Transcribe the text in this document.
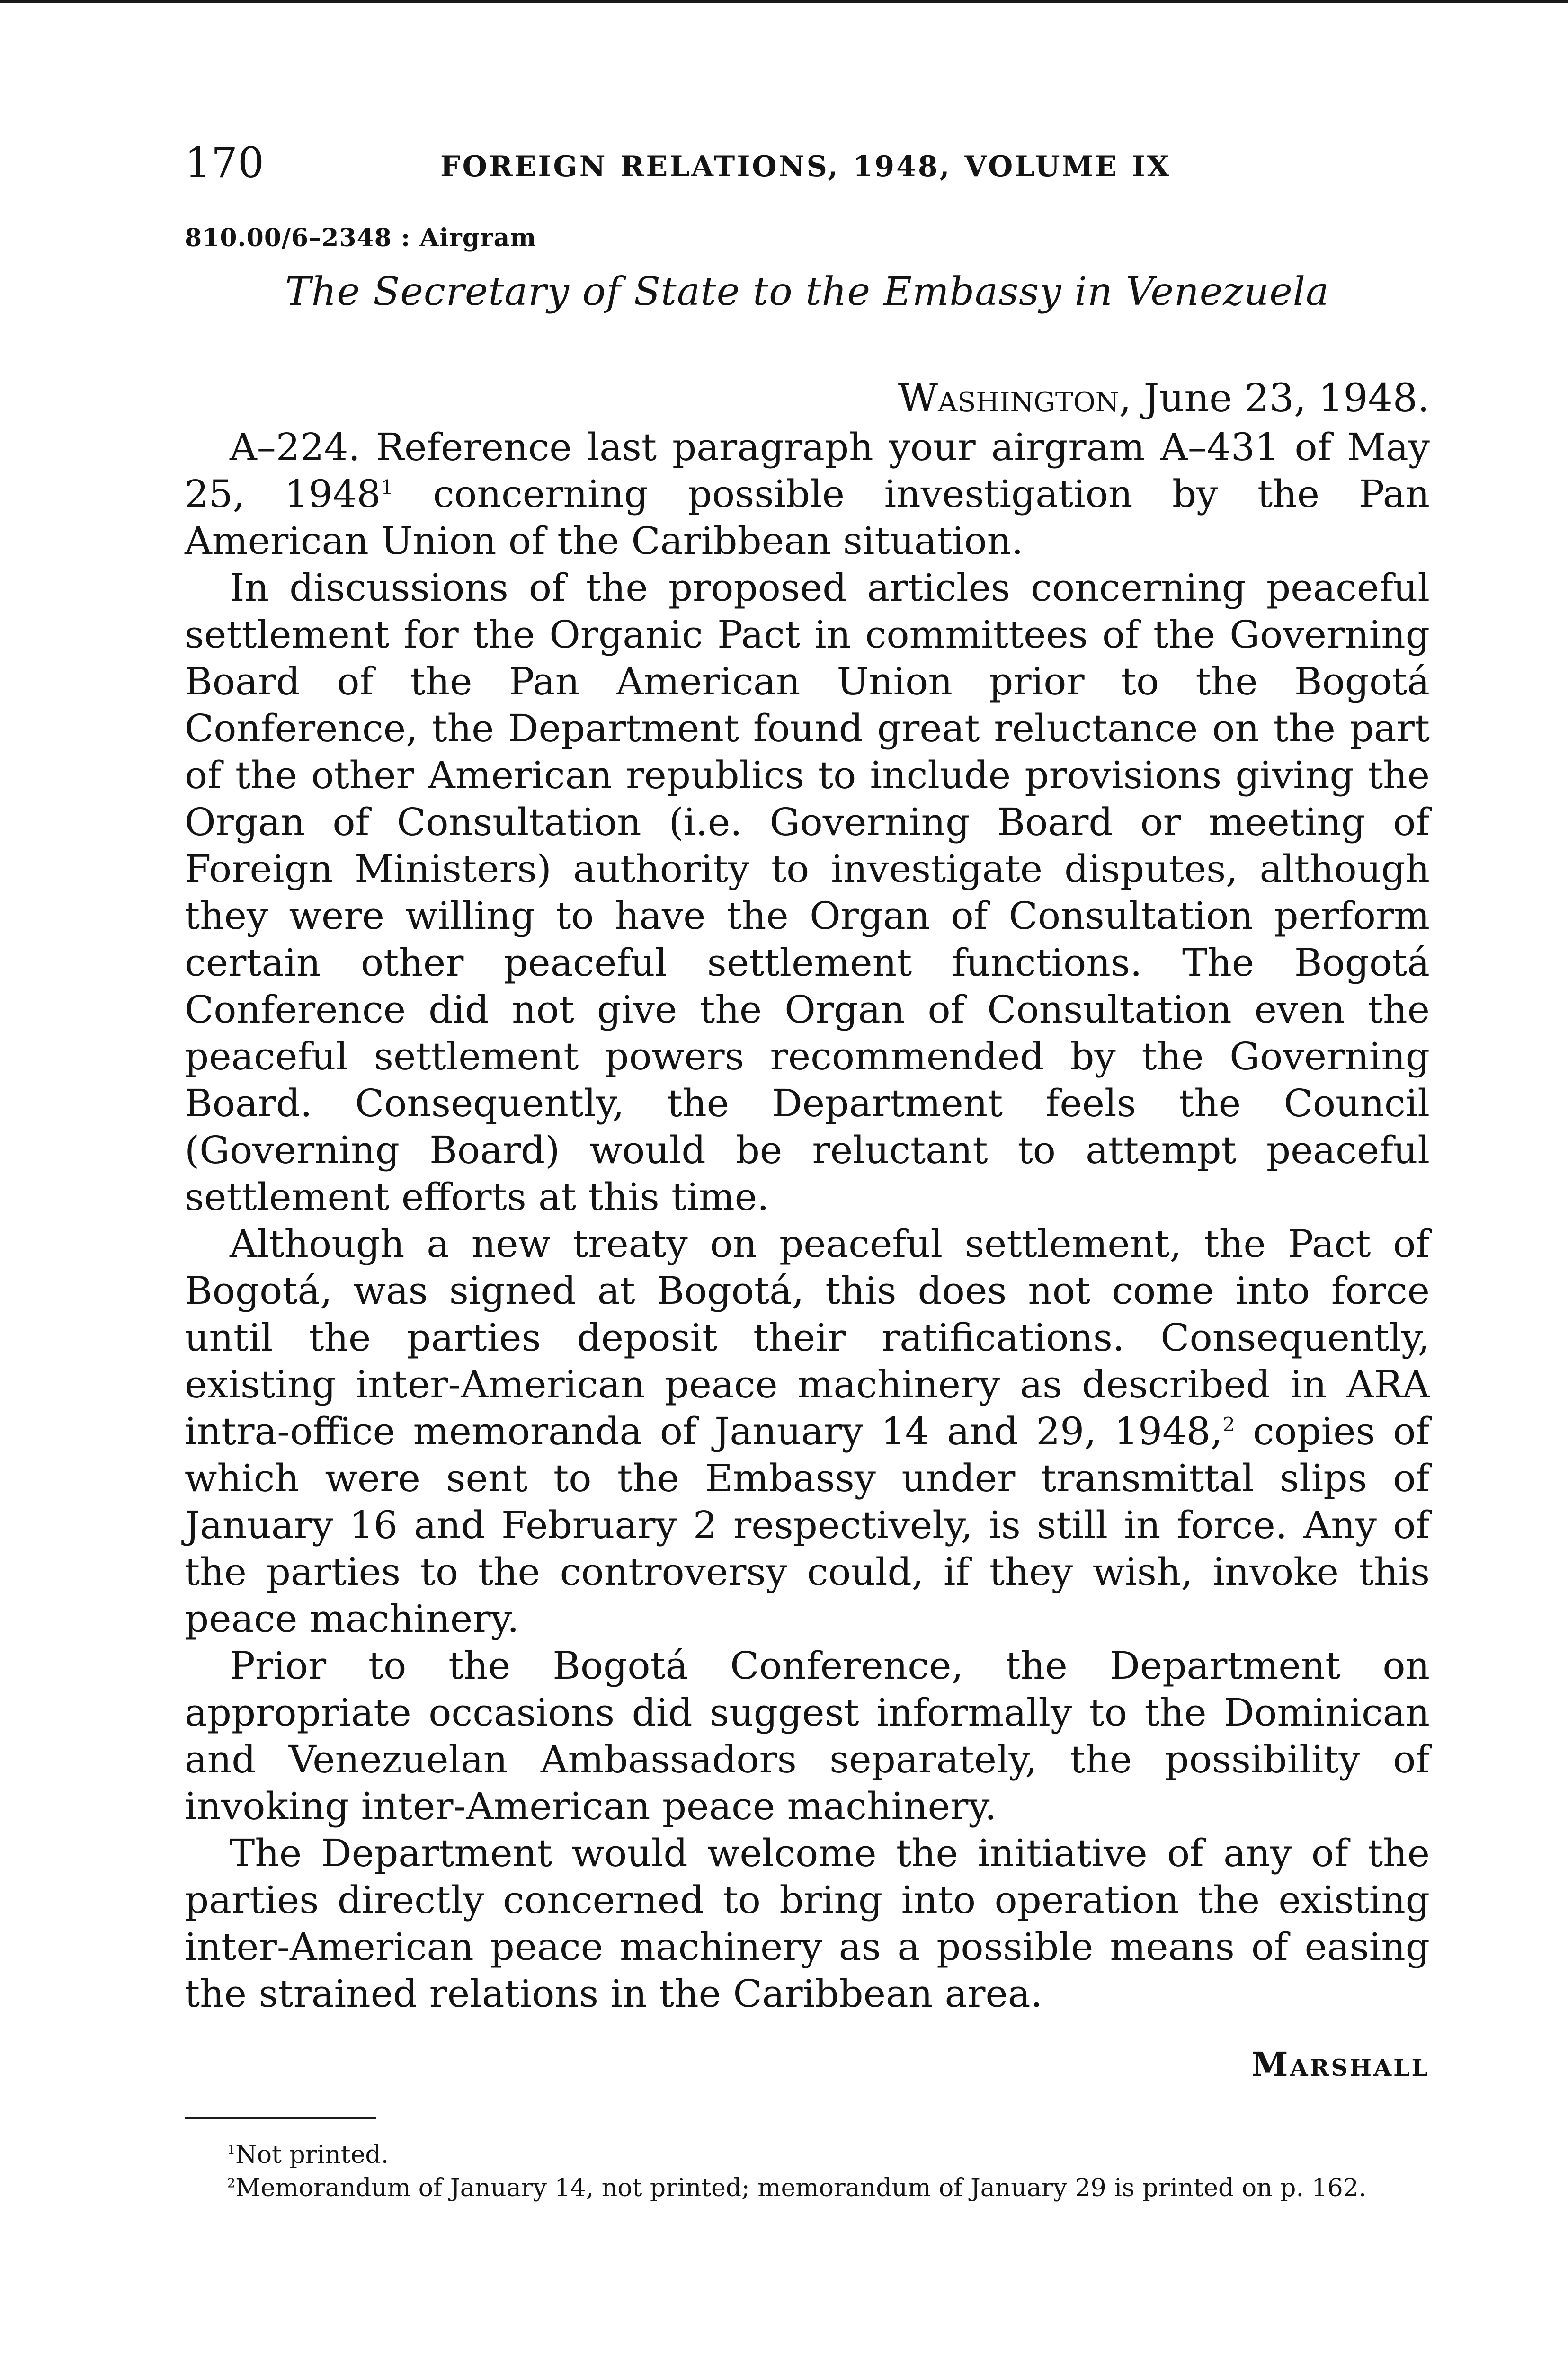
170	FOREIGN RELATIONS, 1948, VOLUME IX
810.00/6–2348 : Airgram
The Secretary of State to the Embassy in Venezuela
Washington, June 23, 1948.

A–224. Reference last paragraph your airgram A–431 of May 25, 1948$^1$ concerning possible investigation by the Pan American Union of the Caribbean situation.

In discussions of the proposed articles concerning peaceful settlement for the Organic Pact in committees of the Governing Board of the Pan American Union prior to the Bogotá Conference, the Department found great reluctance on the part of the other American republics to include provisions giving the Organ of Consultation (i.e. Governing Board or meeting of Foreign Ministers) authority to investigate disputes, although they were willing to have the Organ of Consultation perform certain other peaceful settlement functions. The Bogotá Conference did not give the Organ of Consultation even the peaceful settlement powers recommended by the Governing Board. Consequently, the Department feels the Council (Governing Board) would be reluctant to attempt peaceful settlement efforts at this time.

Although a new treaty on peaceful settlement, the Pact of Bogotá, was signed at Bogotá, this does not come into force until the parties deposit their ratifications. Consequently, existing inter-American peace machinery as described in ARA intra-office memoranda of January 14 and 29, 1948,$^2$ copies of which were sent to the Embassy under transmittal slips of January 16 and February 2 respectively, is still in force. Any of the parties to the controversy could, if they wish, invoke this peace machinery.

Prior to the Bogotá Conference, the Department on appropriate occasions did suggest informally to the Dominican and Venezuelan Ambassadors separately, the possibility of invoking inter-American peace machinery.

The Department would welcome the initiative of any of the parties directly concerned to bring into operation the existing inter-American peace machinery as a possible means of easing the strained relations in the Caribbean area.

Marshall
$^1$Not printed.
$^2$Memorandum of January 14, not printed; memorandum of January 29 is printed on p. 162.
